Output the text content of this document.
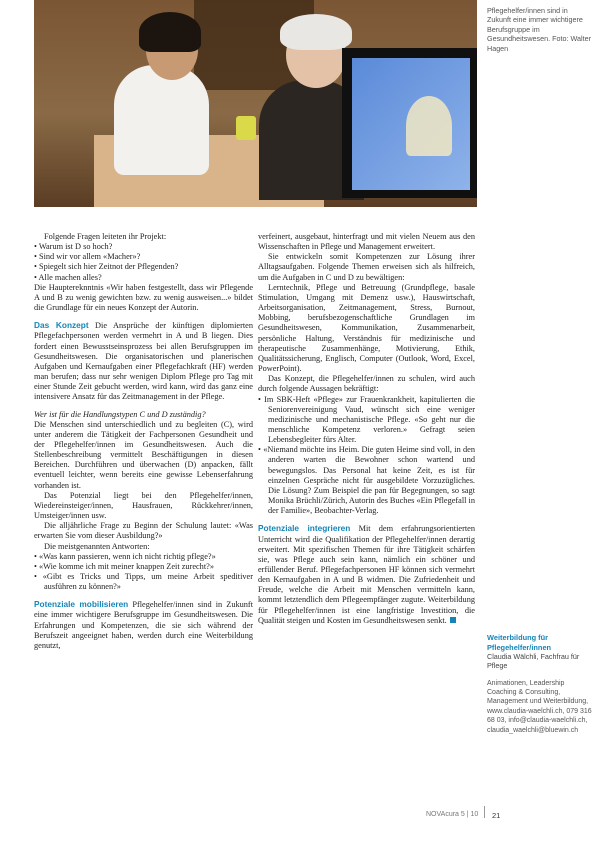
Pflegehelfer/innen sind in Zukunft eine immer wichtigere Berufsgruppe im Gesundheitswesen. Foto: Walter Hagen

Folgende Fragen leiteten ihr Projekt:

• Warum ist D so hoch?

• Sind wir vor allem «Macher»?

• Spiegelt sich hier Zeitnot der Pflegenden?

• Alle machen alles?

Die Hauptereknntnis «Wir haben festgestellt, dass wir Pflegende A und B zu wenig gewichten bzw. zu wenig ausweisen...» bildet die Grundlage für ein neues Konzept der Autorin.

Das Konzept Die Ansprüche der künftigen diplomierten Pflegefachpersonen werden vermehrt in A und B liegen. Dies fordert einen Bewusstseinsprozess bei allen Berufsgruppen im Gesundheitswesen. Die organisatorischen und planerischen Aufgaben und Kernaufgaben einer Pflegefachkraft (HF) werden man berufen; dass nur sehr wenigen Diplom Pflege pro Tag mit einer Stunde Zeit gebucht werden, wird kann, wird das ganz eine intensivere Ansatz für das Zeitmanagement in der Pflege.

Wer ist für die Handlungstypen C und D zuständig?

Die Menschen sind unterschiedlich und zu begleiten (C), wird unter anderem die Tätigkeit der Fachpersonen Gesundheit und der Pflegehelfer/innen im Gesundheitswesen. Auch die Stellenbeschreibung vermittelt Beschäftigungen in diesen Bereichen. Durchführen und überwachen (D) anpacken, fällt eventuell leichter, wenn bereits eine gewisse Lebenserfahrung vorhanden ist.

Das Potenzial liegt bei den Pflegehelfer/innen, Wiedereinsteiger/innen, Hausfrauen, Rückkehrer/innen, Umsteiger/innen usw.

Die alljährliche Frage zu Beginn der Schulung lautet: «Was erwarten Sie vom dieser Ausbildung?»

Die meistgenannten Antworten:

• «Was kann passieren, wenn ich nicht richtig pflege?»

• «Wie komme ich mit meiner knappen Zeit zurecht?»

• «Gibt es Tricks und Tipps, um meine Arbeit speditiver ausführen zu können?»

Potenziale mobilisieren Pflegehelfer/innen sind in Zukunft eine immer wichtigere Berufsgruppe im Gesundheitswesen. Die Erfahrungen und Kompetenzen, die sie sich während der Berufszeit angeeignet haben, werden durch eine Weiterbildung genutzt,

verfeinert, ausgebaut, hinterfragt und mit vielen Neuem aus den Wissenschaften in Pflege und Management erweitert.

Sie entwickeln somit Kompetenzen zur Lösung ihrer Alltagsaufgaben. Folgende Themen erweisen sich als hilfreich, um die Aufgaben in C und D zu bewältigen:

Lerntechnik, Pflege und Betreuung (Grundpflege, basale Stimulation, Umgang mit Demenz usw.), Hauswirtschaft, Arbeitsorganisation, Zeitmanagement, Stress, Burnout, Mobbing, berufsbezogenschaftliche Grundlagen im Gesundheitswesen, Kommunikation, Zusammenarbeit, persönliche Haltung, Verständnis für medizinische und therapeutische Zusammenhänge, Motivierung, Ethik, Qualitätssicherung, Englisch, Computer (Outlook, Word, Excel, PowerPoint).

Das Konzept, die Pflegehelfer/innen zu schulen, wird auch durch folgende Aussagen bekräftigt:

• Im SBK-Heft «Pflege» zur Frauenkrankheit, kapitulierten die Seniorenvereinigung Vaud, wünscht sich eine weniger medizinische und mechanistische Pflege. «So geht nur die menschliche Kompetenz verloren.» Gefragt seien Lebensbegleiter fürs Alter.

• «Niemand möchte ins Heim. Die guten Heime sind voll, in den anderen warten die Bewohner schon wartend und bewegungslos. Das Personal hat keine Zeit, es ist für einzelnen Gespräche nicht für ausgebildete Vorzuzügliches. Die Lösung? Zum Beispiel die pan für Begegnungen, so sagt Monika Brüchli/Zürich, Autorin des Buches «Ein Pflegefall in der Familie», Beobachter-Verlag.

Potenziale integrieren Mit dem erfahrungsorientierten Unterricht wird die Qualifikation der Pflegehelfer/innen derartig erweitert. Mit spezifischen Themen für ihre Tätigkeit schärfen sie, was Pflege auch sein kann, nämlich ein schöner und erfüllender Beruf. Pflegefachpersonen HF können sich vermehrt den Kernaufgaben in A und B widmen. Die Zufriedenheit und Freude, welche die Arbeit mit Menschen vermitteln kann, kommt letztendlich dem Pflegeempfänger zugute. Weiterbildung für Pflegehelfer/innen ist eine langfristige Investition, die Qualität steigen und Kosten im Gesundheitswesen senkt.

Weiterbildung für Pflegehelfer/innen
Claudia Wälchli, Fachfrau für Pflege
Animationen, Leadership Coaching & Consulting, Management und Weiterbildung, www.claudia-waelchli.ch, 079 316 68 03, info@claudia-waelchli.ch, claudia_waelchli@bluewin.ch
NOVAcura 5 | 10 21
